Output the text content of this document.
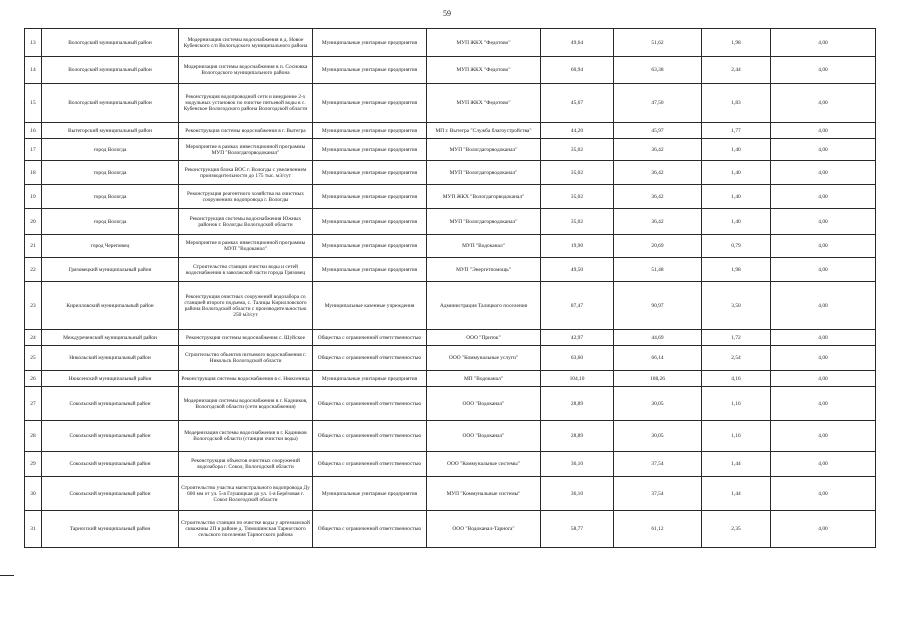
59
13	Вологодский муниципальный район	Модернизация системы водоснабжения в д. Новое Кубенского с/п Вологодского муниципального района	Муниципальные унитарные предприятия	МУП ЖКХ "Федотово"	49,64	51,62	1,98	4,00
14	Вологодский муниципальный район	Модернизация системы водоснабжения в п. Сосновка Вологодского муниципального района	Муниципальные унитарные предприятия	МУП ЖКХ "Федотово"	60,94	63,38	2,44	4,00
15	Вологодский муниципальный район	Реконструкция водопроводной сети и внедрение 2-х модульных установок по очистке питьевой воды в с. Кубенское Вологодского района Вологодской области	Муниципальные унитарные предприятия	МУП ЖКХ "Федотово"	45,67	47,50	1,83	4,00
16	Вытегорский муниципальный район	Реконструкция системы водоснабжения в г. Вытегра	Муниципальные унитарные предприятия	МП г. Вытегра "Служба благоустройства"	44,20	45,97	1,77	4,00
17	город Вологда	Мероприятие в рамках инвестиционной программы МУП "Вологдагорводоканал"	Муниципальные унитарные предприятия	МУП "Вологдагорводоканал"	35,02	36,42	1,40	4,00
18	город Вологда	Реконструкция блока ВОС г. Вологды с увеличением производительности до 175 тыс. м3/сут	Муниципальные унитарные предприятия	МУП "Вологдагорводоканал"	35,02	36,42	1,40	4,00
19	город Вологда	Реконструкция реагентного хозяйства на очистных сооружениях водопровода г. Вологды	Муниципальные унитарные предприятия	МУП ЖКХ "Вологдагорводоканал"	35,02	36,42	1,40	4,00
20	город Вологда	Реконструкция системы водоснабжения Южных районов г. Вологды Вологодской области	Муниципальные унитарные предприятия	МУП "Вологдагорводоканал"	35,02	36,42	1,40	4,00
21	город Череповец	Мероприятие в рамках инвестиционной программы МУП "Водоканал"	Муниципальные унитарные предприятия	МУП "Водоканал"	19,90	20,69	0,79	4,00
22	Грязовецкий муниципальный район	Строительство станции очистки воды и сетей водоснабжения в заволжской части города Грязовец	Муниципальные унитарные предприятия	МУП "Энергетпомощь"	49,50	51,48	1,98	4,00
23	Кирилловский муниципальный район	Реконструкция очистных сооружений водозабора со станцией второго подъема, с. Талицы Кирилловского района Вологодской области с производительностью 250 м3/сут	Муниципальные казенные учреждения	Администрация Талицкого поселения	87,47	90,97	3,50	4,00
24	Междуреченский муниципальный район	Реконструкция системы водоснабжения с. Шуйское	Общества с ограниченной ответственностью	ООО "Приток"	42,97	44,69	1,72	4,00
25	Никольский муниципальный район	Строительство объектов питьевого водоснабжения г. Никольск Вологодской области	Общества с ограниченной ответственностью	ООО "Коммунальные услуги"	63,60	66,14	2,54	4,00
26	Нюксенский муниципальный район	Реконструкция системы водоснабжения в с. Нюксеница	Муниципальные унитарные предприятия	МП "Водоканал"	104,10	108,26	4,16	4,00
27	Сокольский муниципальный район	Модернизация системы водоснабжения в г. Кадников, Вологодской области (сети водоснабжения)	Общества с ограниченной ответственностью	ООО "Водоканал"	28,89	30,05	1,16	4,00
28	Сокольский муниципальный район	Модернизация системы водоснабжения в г. Кадников Вологодской области (станция очистки воды)	Общества с ограниченной ответственностью	ООО "Водоканал"	28,89	30,05	1,16	4,00
29	Сокольский муниципальный район	Реконструкция объектов очистных сооружений водозабора г. Сокол, Вологодской области	Общества с ограниченной ответственностью	ООО "Коммунальные системы"	36,10	37,54	1,44	4,00
30	Сокольский муниципальный район	Строительство участка магистрального водопровода Ду 600 мм от ул. 5-я Глушицкая до ул. 1-я Берёзовая г. Сокол Вологодской области	Муниципальные унитарные предприятия	МУП "Коммунальные системы"	36,10	37,54	1,44	4,00
31	Тарногский муниципальный район	Строительство станции по очистке воды у артезианской скважины 2П в районе д. Тимошинская Тарногского сельского поселения Тарногского района	Общества с ограниченной ответственностью	ООО "Водоканал-Тарнога"	58,77	61,12	2,35	4,00
